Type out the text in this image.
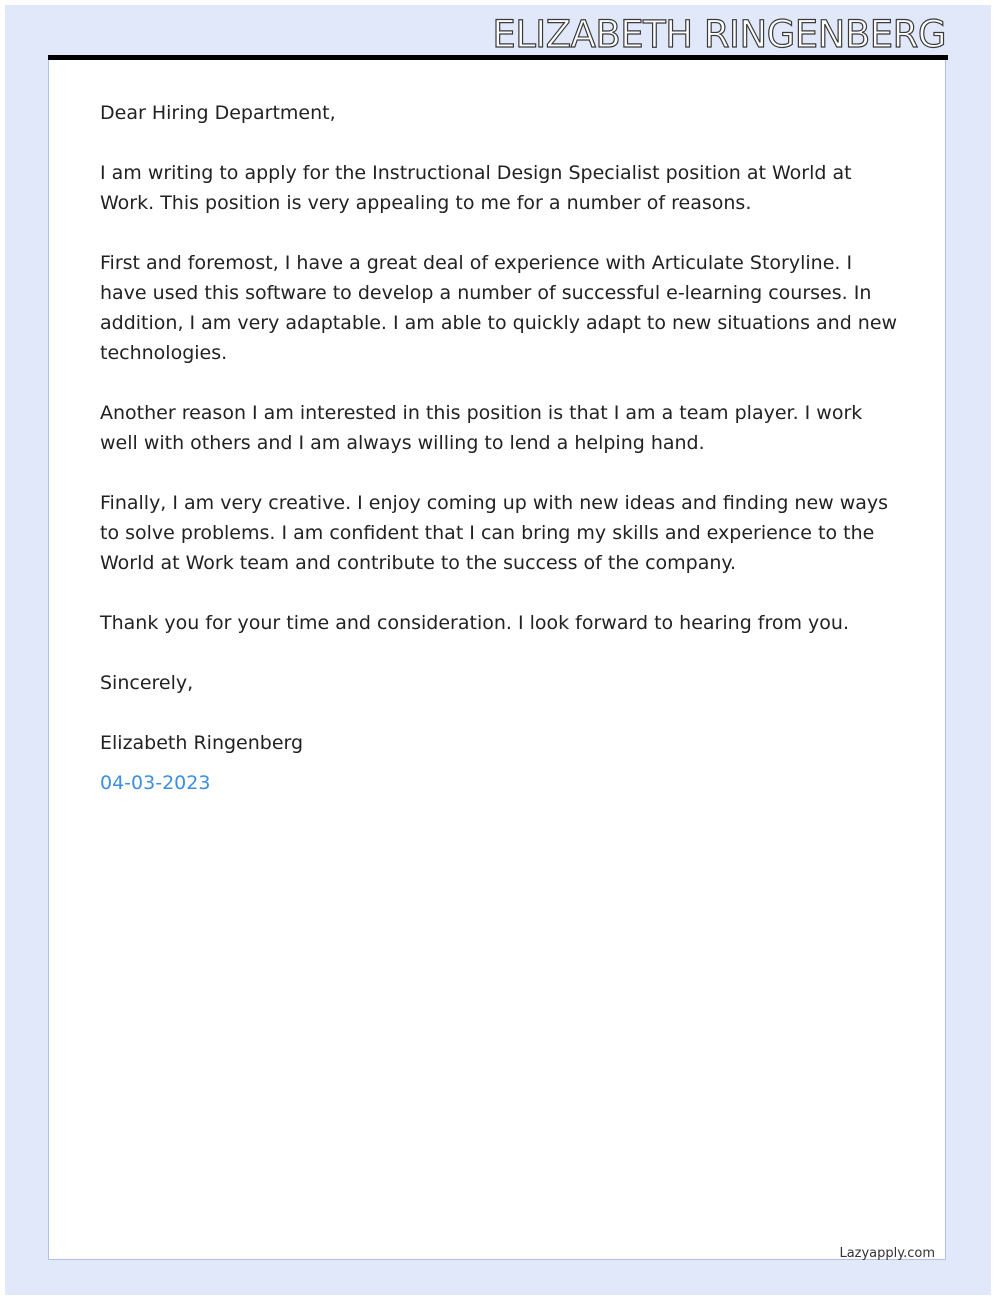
ELIZABETH RINGENBERG

Dear Hiring Department,

I am writing to apply for the Instructional Design Specialist position at World at Work. This position is very appealing to me for a number of reasons.

First and foremost, I have a great deal of experience with Articulate Storyline. I have used this software to develop a number of successful e-learning courses. In addition, I am very adaptable. I am able to quickly adapt to new situations and new technologies.

Another reason I am interested in this position is that I am a team player. I work well with others and I am always willing to lend a helping hand.

Finally, I am very creative. I enjoy coming up with new ideas and finding new ways to solve problems. I am confident that I can bring my skills and experience to the World at Work team and contribute to the success of the company.

Thank you for your time and consideration. I look forward to hearing from you.

Sincerely,

Elizabeth Ringenberg

04-03-2023

Lazyapply.com
